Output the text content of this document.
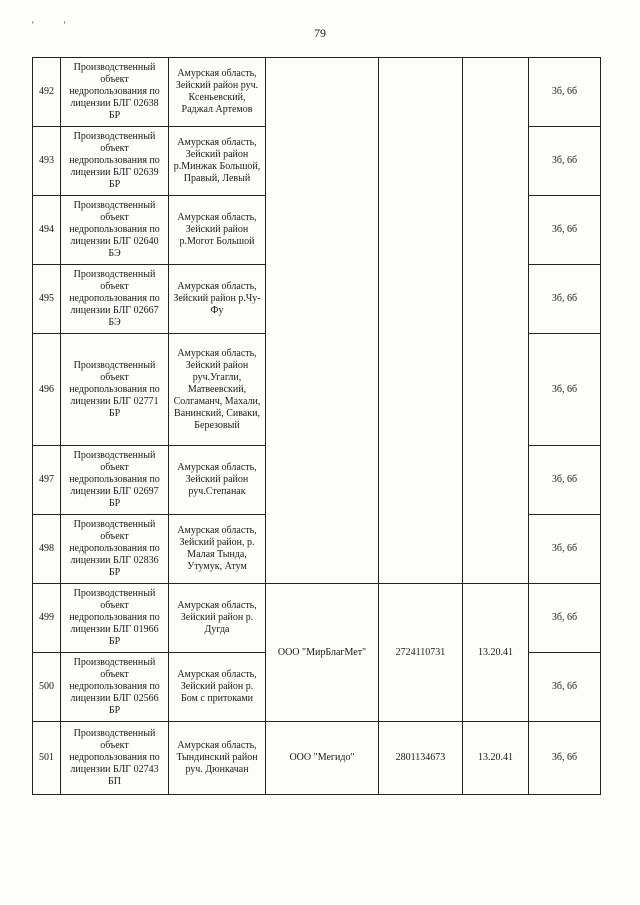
' '
79
492	Производственный объект недропользования по лицензии БЛГ 02638 БР	Амурская область, Зейский район руч. Ксеньевский, Раджал Артемов				3б, 6б
493	Производственный объект недропользования по лицензии БЛГ 02639 БР	Амурская область, Зейский район р.Минжак Большой, Правый, Левый				3б, 6б
494	Производственный объект недропользования по лицензии БЛГ 02640 БЭ	Амурская область, Зейский район р.Могот Большой				3б, 6б
495	Производственный объект недропользования по лицензии БЛГ 02667 БЭ	Амурская область, Зейский район р.Чу-Фу				3б, 6б
496	Производственный объект недропользования по лицензии БЛГ 02771 БР	Амурская область, Зейский район руч.Угагли, Матвеевский, Солгаманч, Махали, Ванинский, Сиваки, Березовый				3б, 6б
497	Производственный объект недропользования по лицензии БЛГ 02697 БР	Амурская область, Зейский район руч.Степанак				3б, 6б
498	Производственный объект недропользования по лицензии БЛГ 02836 БР	Амурская область, Зейский район, р. Малая Тында, Утумук, Атум				3б, 6б
499	Производственный объект недропользования по лицензии БЛГ 01966 БР	Амурская область, Зейский район р. Дугда	ООО "МирБлагМет"	2724110731	13.20.41	3б, 6б
500	Производственный объект недропользования по лицензии БЛГ 02566 БР	Амурская область, Зейский район р. Бом с притоками				3б, 6б
501	Производственный объект недропользования по лицензии БЛГ 02743 БП	Амурская область, Тындинский район руч. Дюнкачан	ООО "Мегидо"	2801134673	13.20.41	3б, 6б
